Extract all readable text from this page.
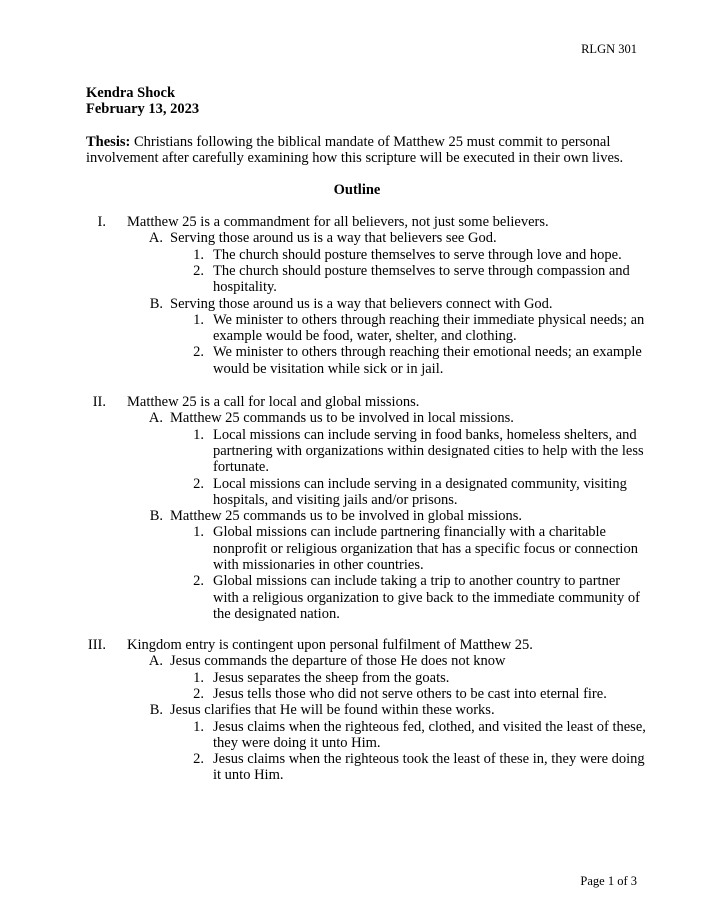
RLGN 301
Kendra Shock
February 13, 2023
Thesis: Christians following the biblical mandate of Matthew 25 must commit to personal
involvement after carefully examining how this scripture will be executed in their own lives.
Outline
I. Matthew 25 is a commandment for all believers, not just some believers.
A. Serving those around us is a way that believers see God.
1. The church should posture themselves to serve through love and hope.
2. The church should posture themselves to serve through compassion and
hospitality.
B. Serving those around us is a way that believers connect with God.
1. We minister to others through reaching their immediate physical needs; an
example would be food, water, shelter, and clothing.
2. We minister to others through reaching their emotional needs; an example
would be visitation while sick or in jail.
II. Matthew 25 is a call for local and global missions.
A. Matthew 25 commands us to be involved in local missions.
1. Local missions can include serving in food banks, homeless shelters, and
partnering with organizations within designated cities to help with the less
fortunate.
2. Local missions can include serving in a designated community, visiting
hospitals, and visiting jails and/or prisons.
B. Matthew 25 commands us to be involved in global missions.
1. Global missions can include partnering financially with a charitable
nonprofit or religious organization that has a specific focus or connection
with missionaries in other countries.
2. Global missions can include taking a trip to another country to partner
with a religious organization to give back to the immediate community of
the designated nation.
III. Kingdom entry is contingent upon personal fulfilment of Matthew 25.
A. Jesus commands the departure of those He does not know
1. Jesus separates the sheep from the goats.
2. Jesus tells those who did not serve others to be cast into eternal fire.
B. Jesus clarifies that He will be found within these works.
1. Jesus claims when the righteous fed, clothed, and visited the least of these,
they were doing it unto Him.
2. Jesus claims when the righteous took the least of these in, they were doing
it unto Him.
Page 1 of 3
